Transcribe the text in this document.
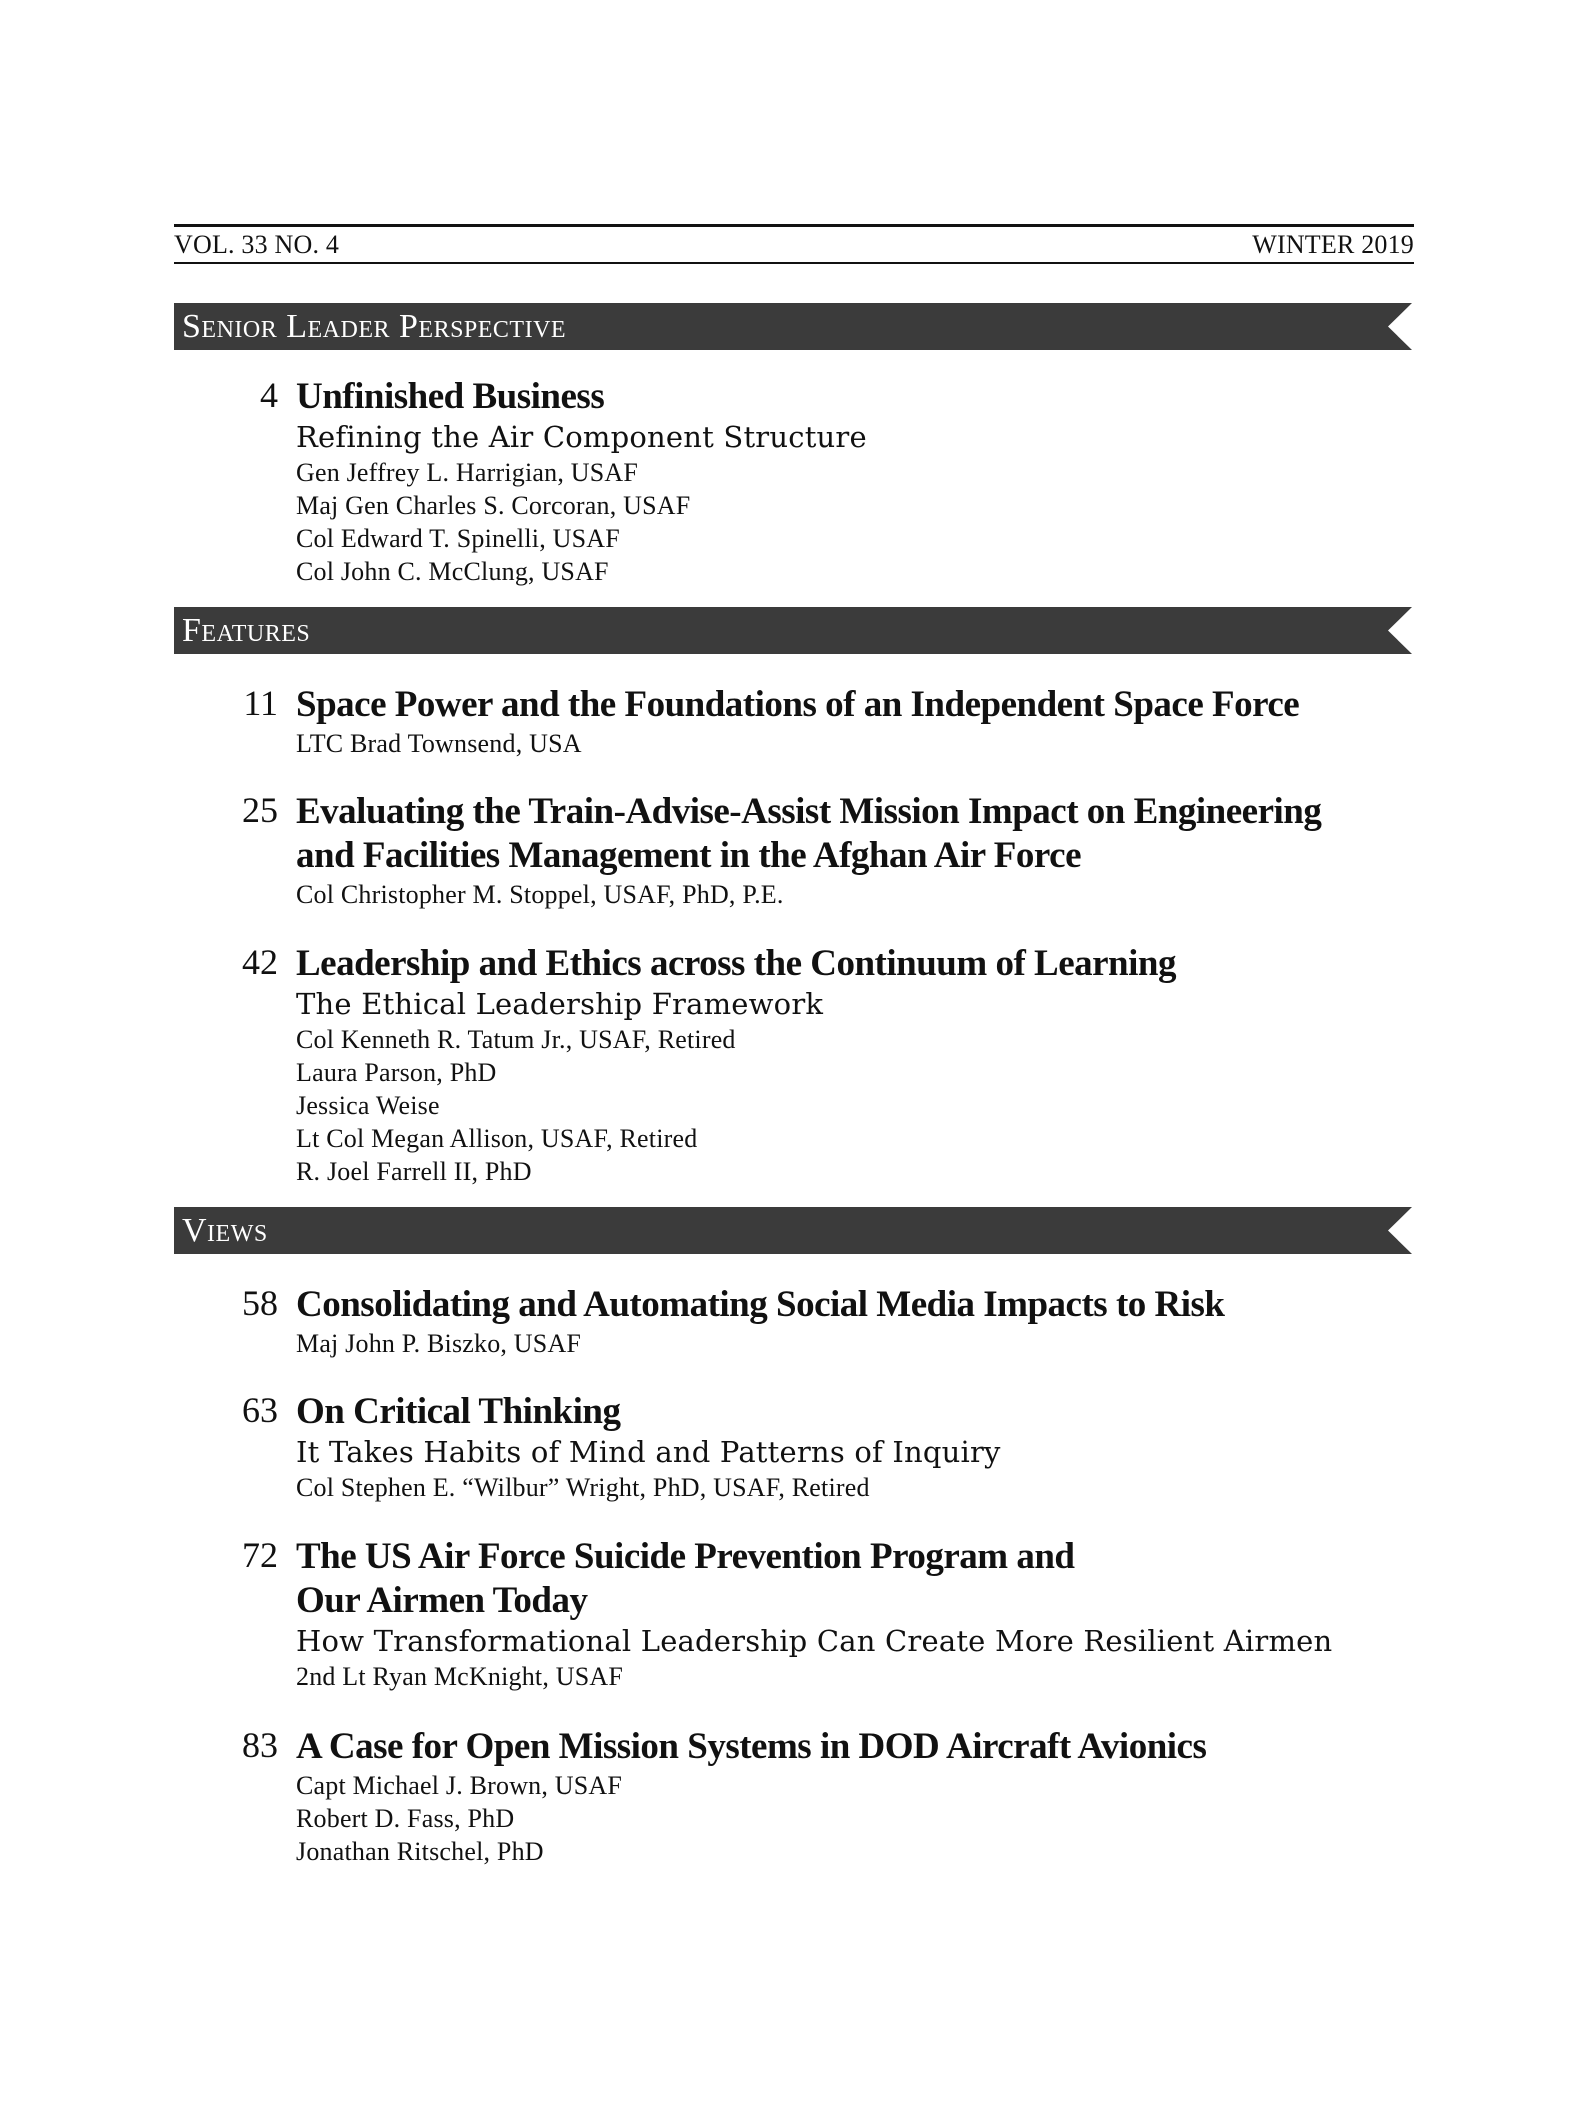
VOL. 33 NO. 4	WINTER 2019
Senior Leader Perspective
4 Unfinished Business
Refining the Air Component Structure
Gen Jeffrey L. Harrigian, USAF
Maj Gen Charles S. Corcoran, USAF
Col Edward T. Spinelli, USAF
Col John C. McClung, USAF
Features
11 Space Power and the Foundations of an Independent Space Force
LTC Brad Townsend, USA
25 Evaluating the Train-Advise-Assist Mission Impact on Engineering
and Facilities Management in the Afghan Air Force
Col Christopher M. Stoppel, USAF, PhD, P.E.
42 Leadership and Ethics across the Continuum of Learning
The Ethical Leadership Framework
Col Kenneth R. Tatum Jr., USAF, Retired
Laura Parson, PhD
Jessica Weise
Lt Col Megan Allison, USAF, Retired
R. Joel Farrell II, PhD
Views
58 Consolidating and Automating Social Media Impacts to Risk
Maj John P. Biszko, USAF
63 On Critical Thinking
It Takes Habits of Mind and Patterns of Inquiry
Col Stephen E. “Wilbur” Wright, PhD, USAF, Retired
72 The US Air Force Suicide Prevention Program and
Our Airmen Today
How Transformational Leadership Can Create More Resilient Airmen
2nd Lt Ryan McKnight, USAF
83 A Case for Open Mission Systems in DOD Aircraft Avionics
Capt Michael J. Brown, USAF
Robert D. Fass, PhD
Jonathan Ritschel, PhD
